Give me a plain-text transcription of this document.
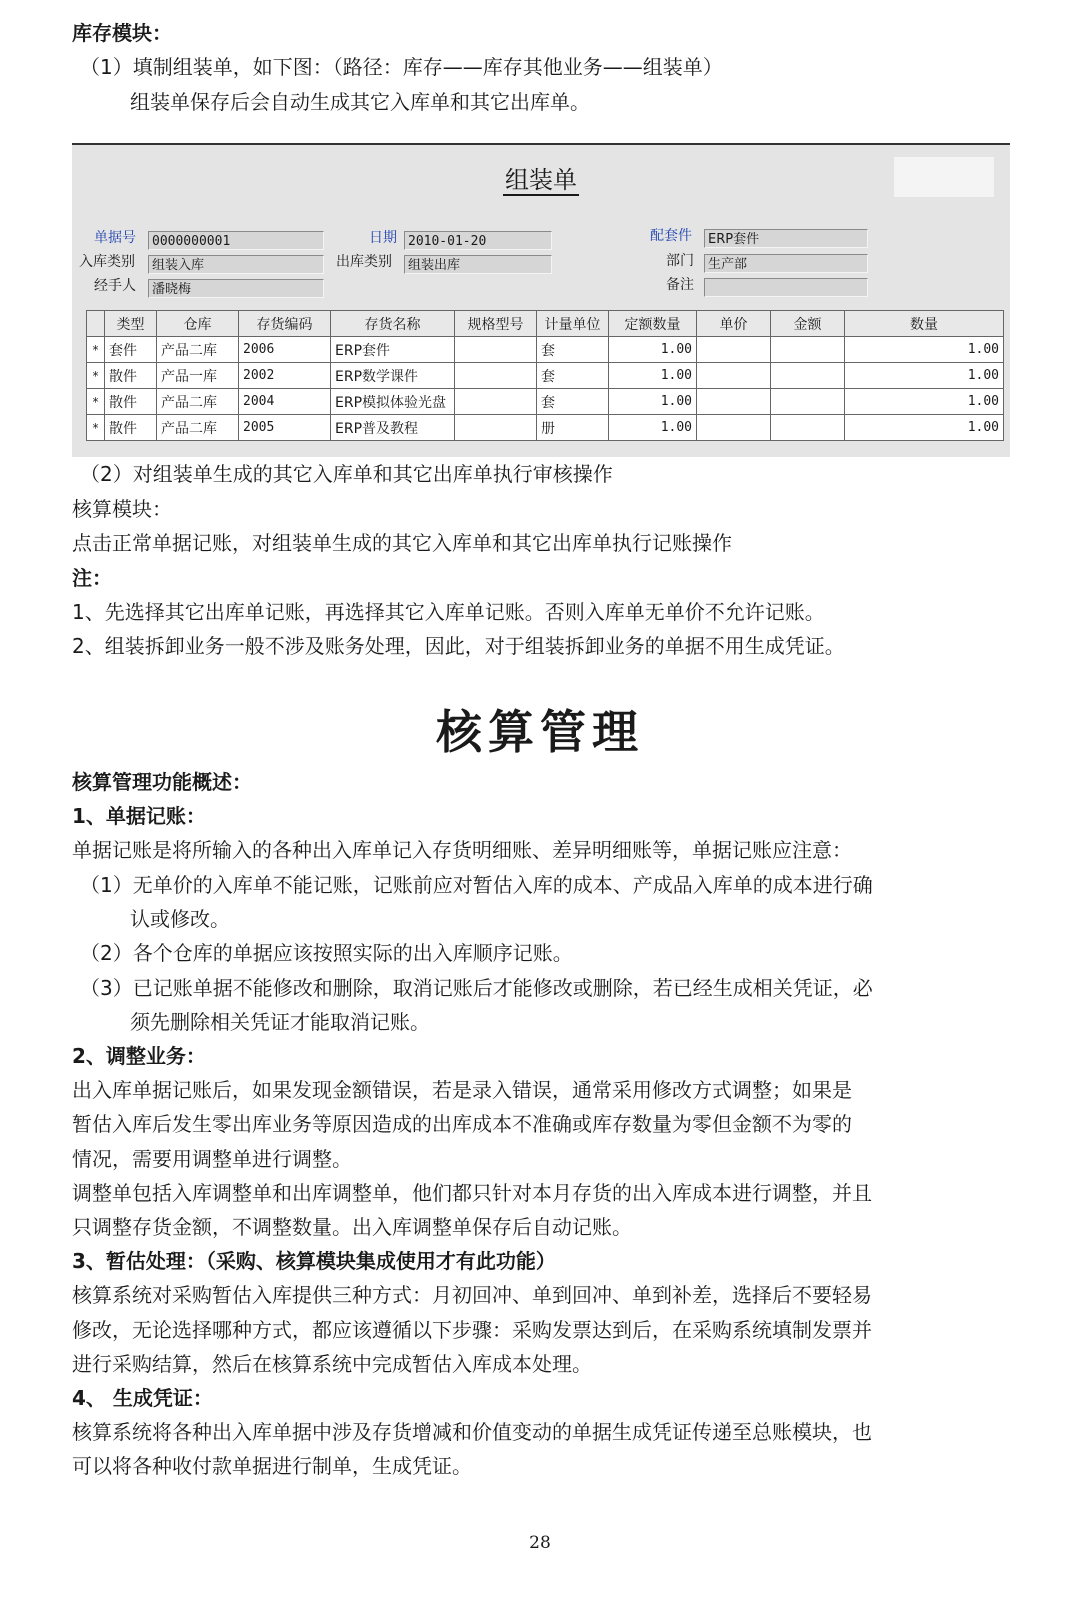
库存模块：
（1）填制组装单，如下图：（路径：库存——库存其他业务——组装单）
组装单保存后会自动生成其它入库单和其它出库单。
组装单
单据号	0000000001	日期 2010-01-20	配套件	ERP套件
入库类别	组装入库	出库类别	组装出库	部门	生产部
经手人	潘晓梅	备注
	类型	仓库	存货编码	存货名称	规格型号	计量单位	定额数量	单价	金额	数量
*	套件	产品二库	2006	ERP套件		套	1.00			1.00
*	散件	产品一库	2002	ERP数学课件		套	1.00			1.00
*	散件	产品二库	2004	ERP模拟体验光盘		套	1.00			1.00
*	散件	产品二库	2005	ERP普及教程		册	1.00			1.00
（2）对组装单生成的其它入库单和其它出库单执行审核操作
核算模块：
点击正常单据记账，对组装单生成的其它入库单和其它出库单执行记账操作
注：
1、先选择其它出库单记账，再选择其它入库单记账。否则入库单无单价不允许记账。
2、组装拆卸业务一般不涉及账务处理，因此，对于组装拆卸业务的单据不用生成凭证。
核算管理
核算管理功能概述：
1、单据记账：
单据记账是将所输入的各种出入库单记入存货明细账、差异明细账等，单据记账应注意：
（1）无单价的入库单不能记账，记账前应对暂估入库的成本、产成品入库单的成本进行确
认或修改。
（2）各个仓库的单据应该按照实际的出入库顺序记账。
（3）已记账单据不能修改和删除，取消记账后才能修改或删除，若已经生成相关凭证，必
须先删除相关凭证才能取消记账。
2、调整业务：
出入库单据记账后，如果发现金额错误，若是录入错误，通常采用修改方式调整；如果是
暂估入库后发生零出库业务等原因造成的出库成本不准确或库存数量为零但金额不为零的
情况，需要用调整单进行调整。
调整单包括入库调整单和出库调整单，他们都只针对本月存货的出入库成本进行调整，并且
只调整存货金额，不调整数量。出入库调整单保存后自动记账。
3、暂估处理：（采购、核算模块集成使用才有此功能）
核算系统对采购暂估入库提供三种方式：月初回冲、单到回冲、单到补差，选择后不要轻易
修改，无论选择哪种方式，都应该遵循以下步骤：采购发票达到后，在采购系统填制发票并
进行采购结算，然后在核算系统中完成暂估入库成本处理。
4、 生成凭证：
核算系统将各种出入库单据中涉及存货增减和价值变动的单据生成凭证传递至总账模块，也
可以将各种收付款单据进行制单，生成凭证。
28
